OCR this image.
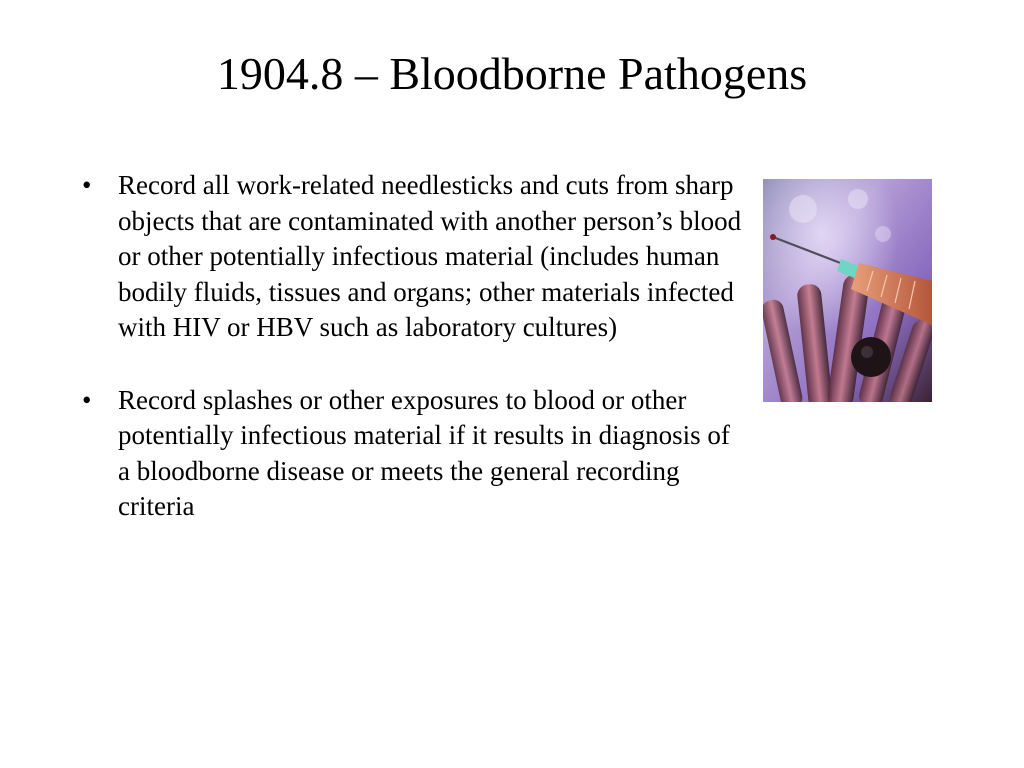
1904.8 – Bloodborne Pathogens
• Record all work-related needlesticks and cuts from sharp objects that are contaminated with another person’s blood or other potentially infectious material (includes human bodily fluids, tissues and organs; other materials infected with HIV or HBV such as laboratory cultures)
• Record splashes or other exposures to blood or other potentially infectious material if it results in diagnosis of a bloodborne disease or meets the general recording criteria
